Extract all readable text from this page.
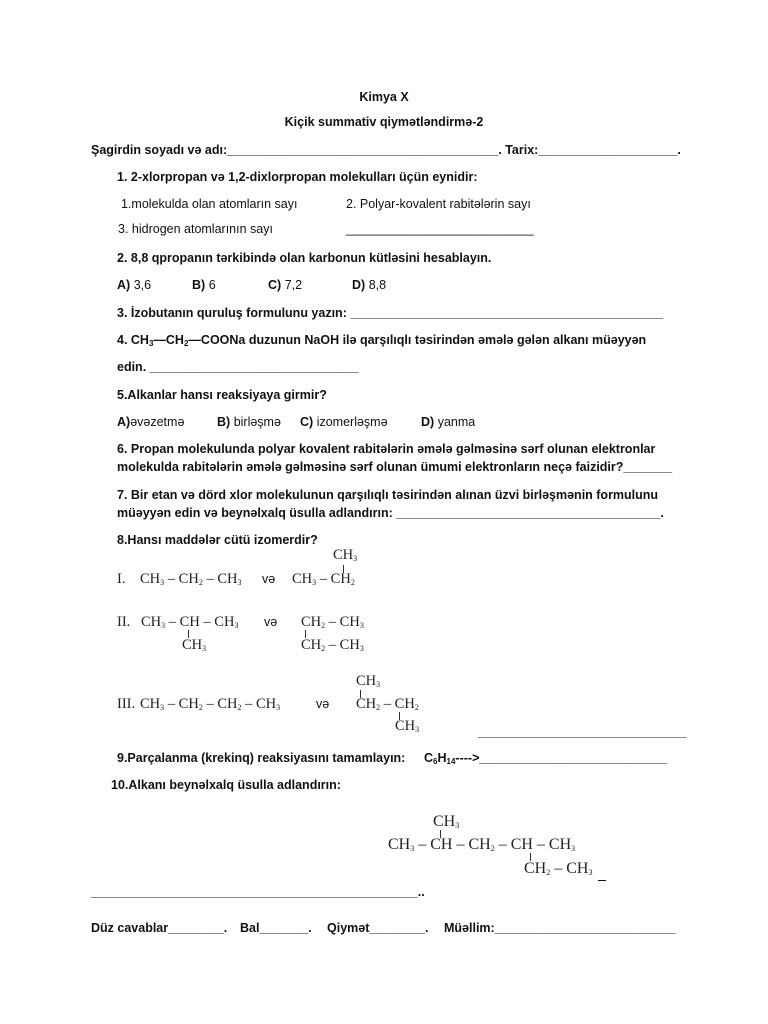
Kimya X
Kiçik summativ qiymətləndirmə-2
Şagirdin soyadı və adı:_______________________________________. Tarix:____________________.
1. 2-xlorpropan və 1,2-dixlorpropan molekulları üçün eynidir:
1.molekulda olan atomların sayı	2. Polyar-kovalent rabitələrin sayı
3. hidrogen atomlarının sayı	___________________________
2. 8,8 qpropanın tərkibində olan karbonun kütləsini hesablayın.
A) 3,6	B) 6	C) 7,2	D) 8,8
3. İzobutanın quruluş formulunu yazın: _____________________________________________
4. $CH_3—CH_2—COONa$ duzunun NaOH ilə qarşılıqlı təsirindən əmələ gələn alkanı müəyyən
edin. ______________________________
5.Alkanlar hansı reaksiyaya girmir?
A)əvəzetmə	B) birləşmə C) izomerləşmə	D) yanma
6. Propan molekulunda polyar kovalent rabitələrin əmələ gəlməsinə sərf olunan elektronlar
molekulda rabitələrin əmələ gəlməsinə sərf olunan ümumi elektronların neçə faizidir?_______
7. Bir etan və dörd xlor molekulunun qarşılıqlı təsirindən alınan üzvi birləşmənin formulunu
müəyyən edin və beynəlxalq üsulla adlandırın: ______________________________________.
8.Hansı maddələr cütü izomerdir?
I. $CH_3 - CH_2 - CH_3$ və
$CH_3$
$CH_3 - CH_2$
II. $CH_3$ – CH – $CH_3$
$CH_3$
və $CH_2 - CH_3$
$CH_2 - CH_3$
III. $CH_3 - CH_2 - CH_2 - CH_3$	və
$CH_3$
$CH_2 - CH_2$
$CH_3$	______________________________
9.Parçalanma (krekinq) reaksiyasını tamamlayın: $C_6H_{14}---->\_\_\_\_\_\_\_\_\_\_\_\_\_\_\_\_\_\_\_\_\_\_\_\_\_\_\_$
10.Alkanı beynəlxalq üsulla adlandırın:
$CH_3$
$CH_3$ – CH – $CH_2$ – CH – $CH_3$
$CH_2 - CH_3$
_______________________________________________..
Düz cavablar________. Bal_______. Qiymət________. Müəllim:__________________________
